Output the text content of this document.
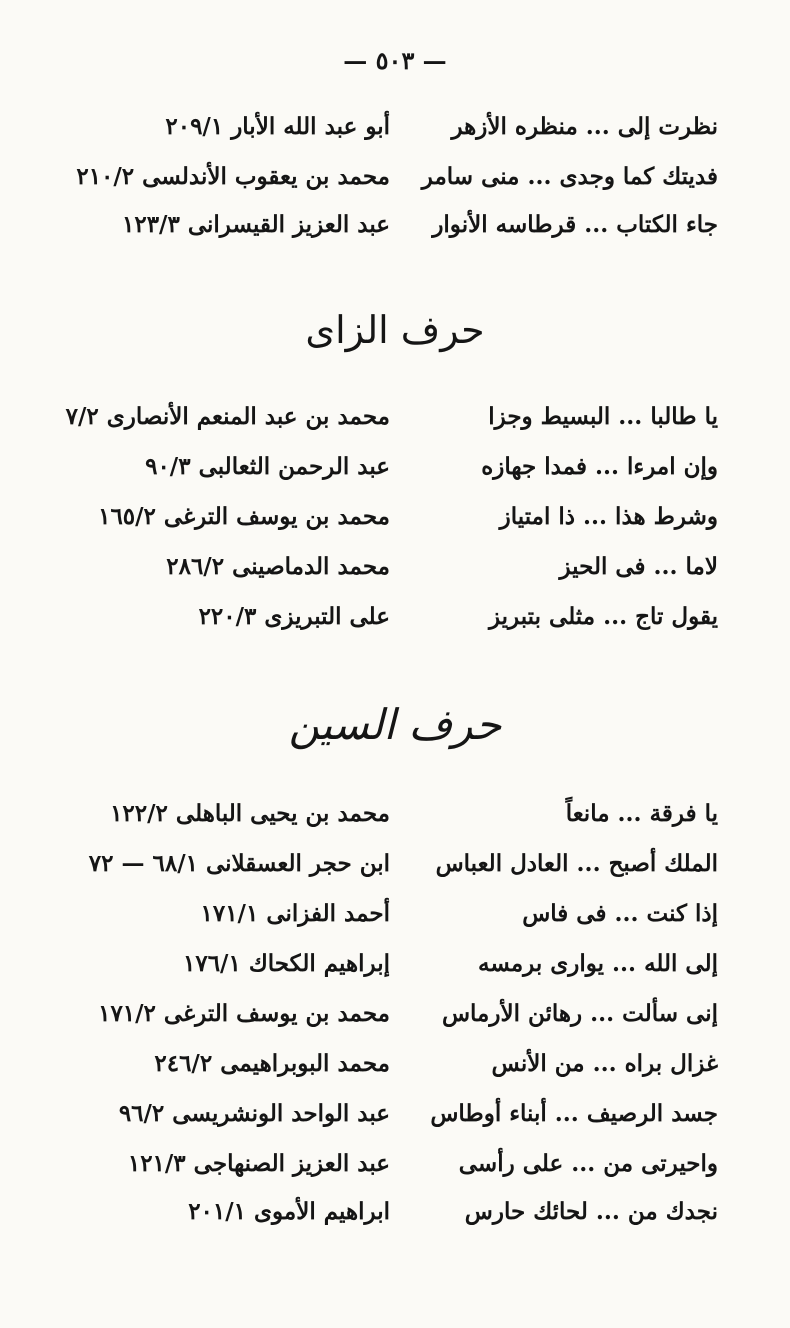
— ٥٠٣ —
نظرت إلى ... منظره الأزهر
أبو عبد الله الأبار ٢٠٩/١
فديتك كما وجدى ... منى سامر
محمد بن يعقوب الأندلسى ٢١٠/٢
جاء الكتاب ... قرطاسه الأنوار
عبد العزيز القيسرانى ١٢٣/٣
حرف الزاى
يا طالبا ... البسيط وجزا
محمد بن عبد المنعم الأنصارى ٧/٢
وإن امرءا ... فمدا جهازه
عبد الرحمن الثعالبى ٩٠/٣
وشرط هذا ... ذا امتياز
محمد بن يوسف الترغى ١٦٥/٢
لاما ... فى الحيز
محمد الدماصينى ٢٨٦/٢
يقول تاج ... مثلى بتبريز
على التبريزى ٢٢٠/٣
حرف السين
يا فرقة ... مانعاً
محمد بن يحيى الباهلى ١٢٢/٢
الملك أصبح ... العادل العباس
ابن حجر العسقلانى ٦٨/١ — ٧٢
إذا كنت ... فى فاس
أحمد الفزانى ١٧١/١
إلى الله ... يوارى برمسه
إبراهيم الكحاك ١٧٦/١
إنى سألت ... رهائن الأرماس
محمد بن يوسف الترغى ١٧١/٢
غزال براه ... من الأنس
محمد البوبراهيمى ٢٤٦/٢
جسد الرصيف ... أبناء أوطاس
عبد الواحد الونشريسى ٩٦/٢
واحيرتى من ... على رأسى
عبد العزيز الصنهاجى ١٢١/٣
نجدك من ... لحائك حارس
ابراهيم الأموى ٢٠١/١
